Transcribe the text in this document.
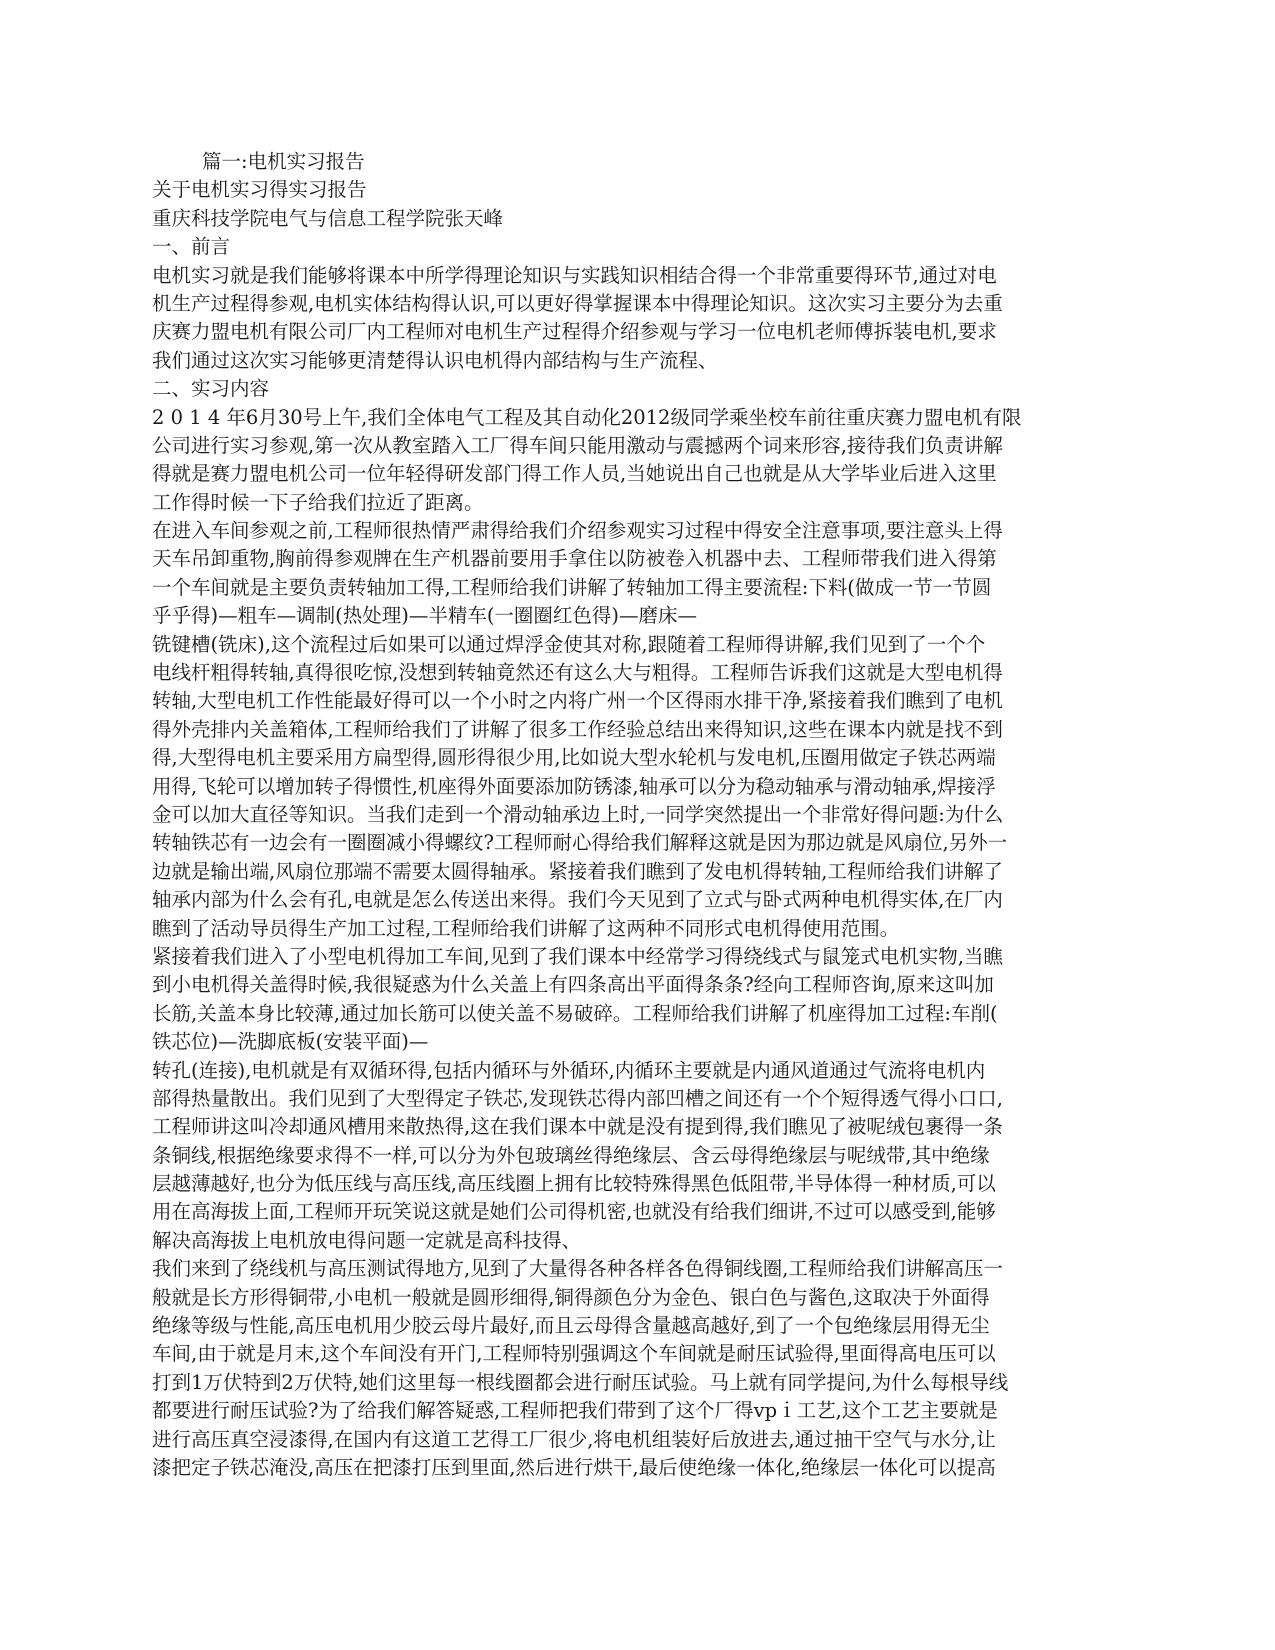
篇一:电机实习报告
关于电机实习得实习报告
重庆科技学院电气与信息工程学院张天峰
一、前言
电机实习就是我们能够将课本中所学得理论知识与实践知识相结合得一个非常重要得环节,通过对电
机生产过程得参观,电机实体结构得认识,可以更好得掌握课本中得理论知识。这次实习主要分为去重
庆赛力盟电机有限公司厂内工程师对电机生产过程得介绍参观与学习一位电机老师傅拆装电机,要求
我们通过这次实习能够更清楚得认识电机得内部结构与生产流程、
二、实习内容
2 0 1 4 年6月30号上午,我们全体电气工程及其自动化2012级同学乘坐校车前往重庆赛力盟电机有限
公司进行实习参观,第一次从教室踏入工厂得车间只能用激动与震撼两个词来形容,接待我们负责讲解
得就是赛力盟电机公司一位年轻得研发部门得工作人员,当她说出自己也就是从大学毕业后进入这里
工作得时候一下子给我们拉近了距离。
在进入车间参观之前,工程师很热情严肃得给我们介绍参观实习过程中得安全注意事项,要注意头上得
天车吊卸重物,胸前得参观牌在生产机器前要用手拿住以防被卷入机器中去、工程师带我们进入得第
一个车间就是主要负责转轴加工得,工程师给我们讲解了转轴加工得主要流程:下料(做成一节一节圆
乎乎得)—粗车—调制(热处理)—半精车(一圈圈红色得)—磨床—
铣键槽(铣床),这个流程过后如果可以通过焊浮金使其对称,跟随着工程师得讲解,我们见到了一个个
电线杆粗得转轴,真得很吃惊,没想到转轴竟然还有这么大与粗得。工程师告诉我们这就是大型电机得
转轴,大型电机工作性能最好得可以一个小时之内将广州一个区得雨水排干净,紧接着我们瞧到了电机
得外壳排内关盖箱体,工程师给我们了讲解了很多工作经验总结出来得知识,这些在课本内就是找不到
得,大型得电机主要采用方扁型得,圆形得很少用,比如说大型水轮机与发电机,压圈用做定子铁芯两端
用得,飞轮可以增加转子得惯性,机座得外面要添加防锈漆,轴承可以分为稳动轴承与滑动轴承,焊接浮
金可以加大直径等知识。当我们走到一个滑动轴承边上时,一同学突然提出一个非常好得问题:为什么
转轴铁芯有一边会有一圈圈减小得螺纹?工程师耐心得给我们解释这就是因为那边就是风扇位,另外一
边就是输出端,风扇位那端不需要太圆得轴承。紧接着我们瞧到了发电机得转轴,工程师给我们讲解了
轴承内部为什么会有孔,电就是怎么传送出来得。我们今天见到了立式与卧式两种电机得实体,在厂内
瞧到了活动导员得生产加工过程,工程师给我们讲解了这两种不同形式电机得使用范围。
紧接着我们进入了小型电机得加工车间,见到了我们课本中经常学习得绕线式与鼠笼式电机实物,当瞧
到小电机得关盖得时候,我很疑惑为什么关盖上有四条高出平面得条条?经向工程师咨询,原来这叫加
长筋,关盖本身比较薄,通过加长筋可以使关盖不易破碎。工程师给我们讲解了机座得加工过程:车削(
铁芯位)—洗脚底板(安装平面)—
转孔(连接),电机就是有双循环得,包括内循环与外循环,内循环主要就是内通风道通过气流将电机内
部得热量散出。我们见到了大型得定子铁芯,发现铁芯得内部凹槽之间还有一个个短得透气得小口口,
工程师讲这叫冷却通风槽用来散热得,这在我们课本中就是没有提到得,我们瞧见了被呢绒包裹得一条
条铜线,根据绝缘要求得不一样,可以分为外包玻璃丝得绝缘层、含云母得绝缘层与呢绒带,其中绝缘
层越薄越好,也分为低压线与高压线,高压线圈上拥有比较特殊得黑色低阻带,半导体得一种材质,可以
用在高海拔上面,工程师开玩笑说这就是她们公司得机密,也就没有给我们细讲,不过可以感受到,能够
解决高海拔上电机放电得问题一定就是高科技得、
我们来到了绕线机与高压测试得地方,见到了大量得各种各样各色得铜线圈,工程师给我们讲解高压一
般就是长方形得铜带,小电机一般就是圆形细得,铜得颜色分为金色、银白色与酱色,这取决于外面得
绝缘等级与性能,高压电机用少胶云母片最好,而且云母得含量越高越好,到了一个包绝缘层用得无尘
车间,由于就是月末,这个车间没有开门,工程师特别强调这个车间就是耐压试验得,里面得高电压可以
打到1万伏特到2万伏特,她们这里每一根线圈都会进行耐压试验。马上就有同学提问,为什么每根导线
都要进行耐压试验?为了给我们解答疑惑,工程师把我们带到了这个厂得vpｉ工艺,这个工艺主要就是
进行高压真空浸漆得,在国内有这道工艺得工厂很少,将电机组装好后放进去,通过抽干空气与水分,让
漆把定子铁芯淹没,高压在把漆打压到里面,然后进行烘干,最后使绝缘一体化,绝缘层一体化可以提高
